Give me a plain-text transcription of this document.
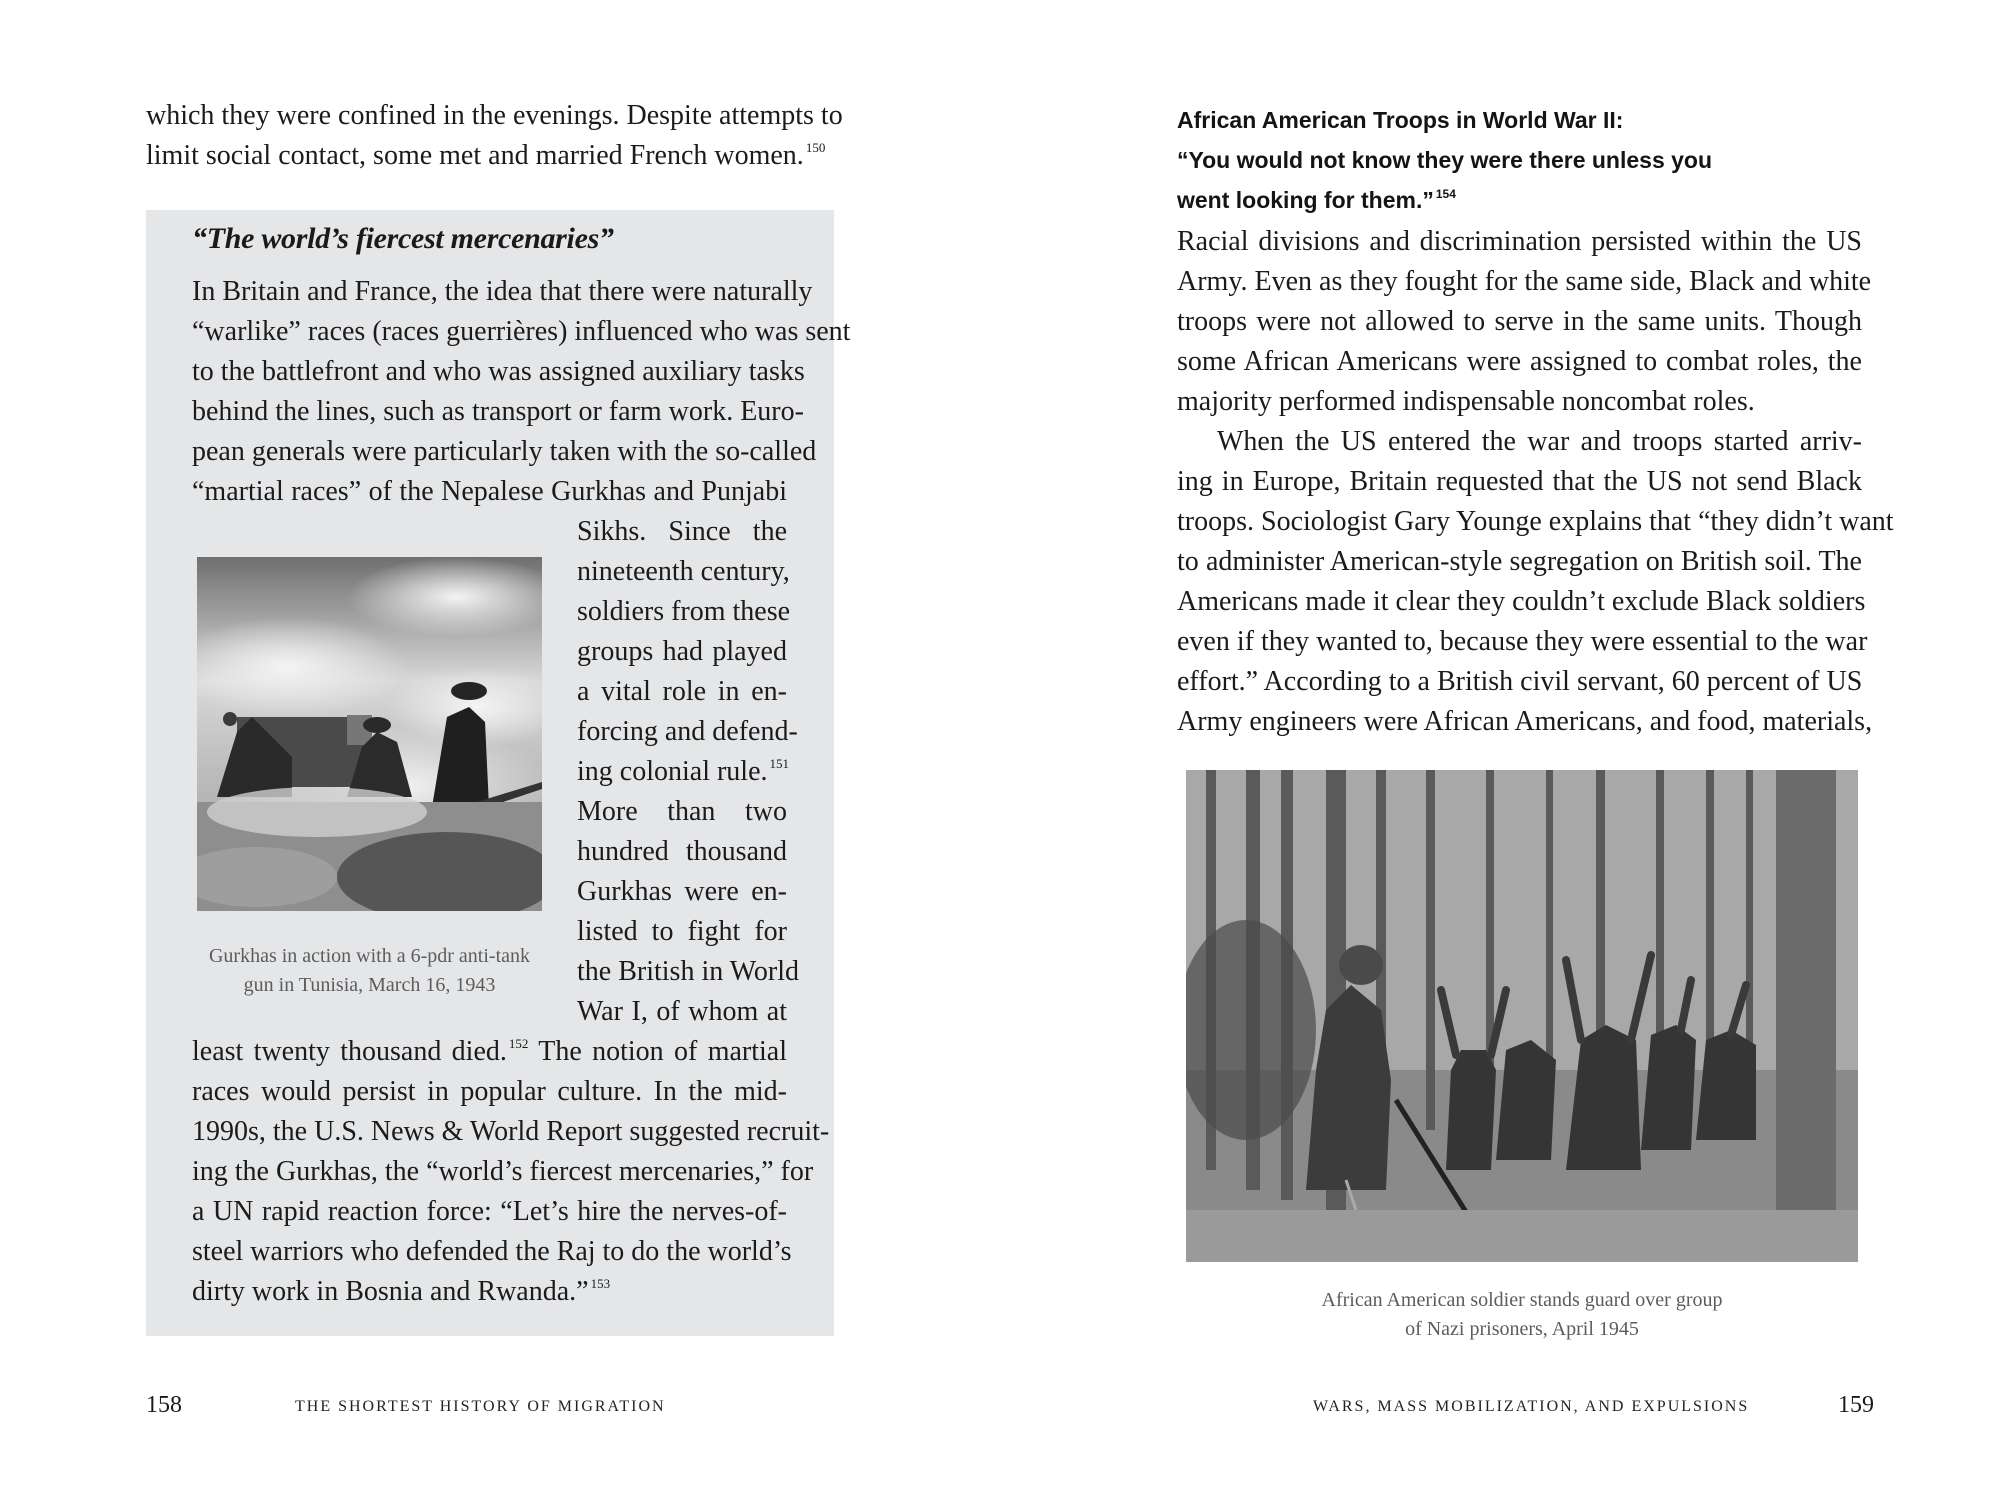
which they were confined in the evenings. Despite attempts to
limit social contact, some met and married French women. $^{150}$
“The world’s fiercest mercenaries”
In Britain and France, the idea that there were naturally
“warlike” races (races guerrières) influenced who was sent
to the battlefront and who was assigned auxiliary tasks
behind the lines, such as transport or farm work. Euro-
pean generals were particularly taken with the so-called
“martial races” of the Nepalese Gurkhas and Punjabi
Gurkhas in action with a 6-pdr anti-tank gun in Tunisia, March 16, 1943
Sikhs. Since the
nineteenth century,
soldiers from these
groups had played
a vital role in en-
forcing and defend-
ing colonial rule. $^{151}$
More than two
hundred thousand
Gurkhas were en-
listed to fight for
the British in World
War I, of whom at
least twenty thousand died. $^{152}$ The notion of martial
races would persist in popular culture. In the mid-
1990s, the U.S. News & World Report suggested recruit-
ing the Gurkhas, the “world’s fiercest mercenaries,” for
a UN rapid reaction force: “Let’s hire the nerves-of-
steel warriors who defended the Raj to do the world’s
dirty work in Bosnia and Rwanda.” $^{153}$
158	THE SHORTEST HISTORY OF MIGRATION
African American Troops in World War II:
“You would not know they were there unless you
went looking for them.” $^{154}$
Racial divisions and discrimination persisted within the US
Army. Even as they fought for the same side, Black and white
troops were not allowed to serve in the same units. Though
some African Americans were assigned to combat roles, the
majority performed indispensable noncombat roles.
When the US entered the war and troops started arriv-
ing in Europe, Britain requested that the US not send Black
troops. Sociologist Gary Younge explains that “they didn’t want
to administer American-style segregation on British soil. The
Americans made it clear they couldn’t exclude Black soldiers
even if they wanted to, because they were essential to the war
effort.” According to a British civil servant, 60 percent of US
Army engineers were African Americans, and food, materials,
African American soldier stands guard over group
of Nazi prisoners, April 1945
WARS, MASS MOBILIZATION, AND EXPULSIONS	159
